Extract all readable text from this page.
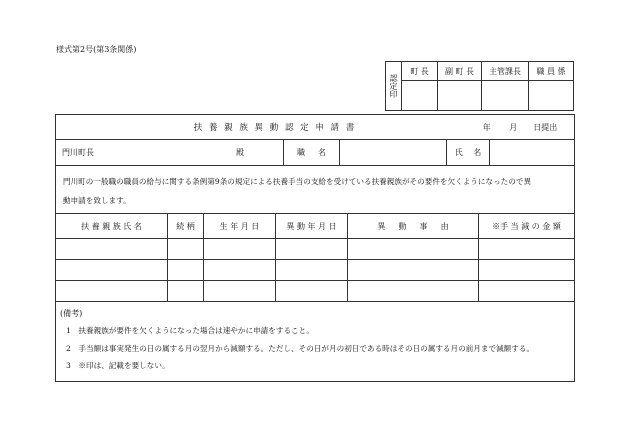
様式第2号(第3条関係)
認定印
町 長	副 町 長	主管課長	職 員 係
扶 養 親 族 異 動 認 定 申 請 書	年 　　月　　日提出
門川町長	殿	職 　 名	氏 　名
門川町の一般職の職員の給与に関する条例第9条の規定による扶養手当の支給を受けている扶養親族がその要件を欠くようになったので異
動申請を致します。
扶 養 親 族 氏 名	続 柄	生 年 月 日	異 動 年 月 日	異 　 動 　 事 　 由	※手 当 減 の 金 額
(備考)
1　扶養親族が要件を欠くようになった場合は速やかに申請をすること。
2　手当額は事実発生の日の属する月の翌月から減額する。ただし、その日が月の初日である時はその日の属する月の前月まで減額する。
3　※印は、記載を要しない。
